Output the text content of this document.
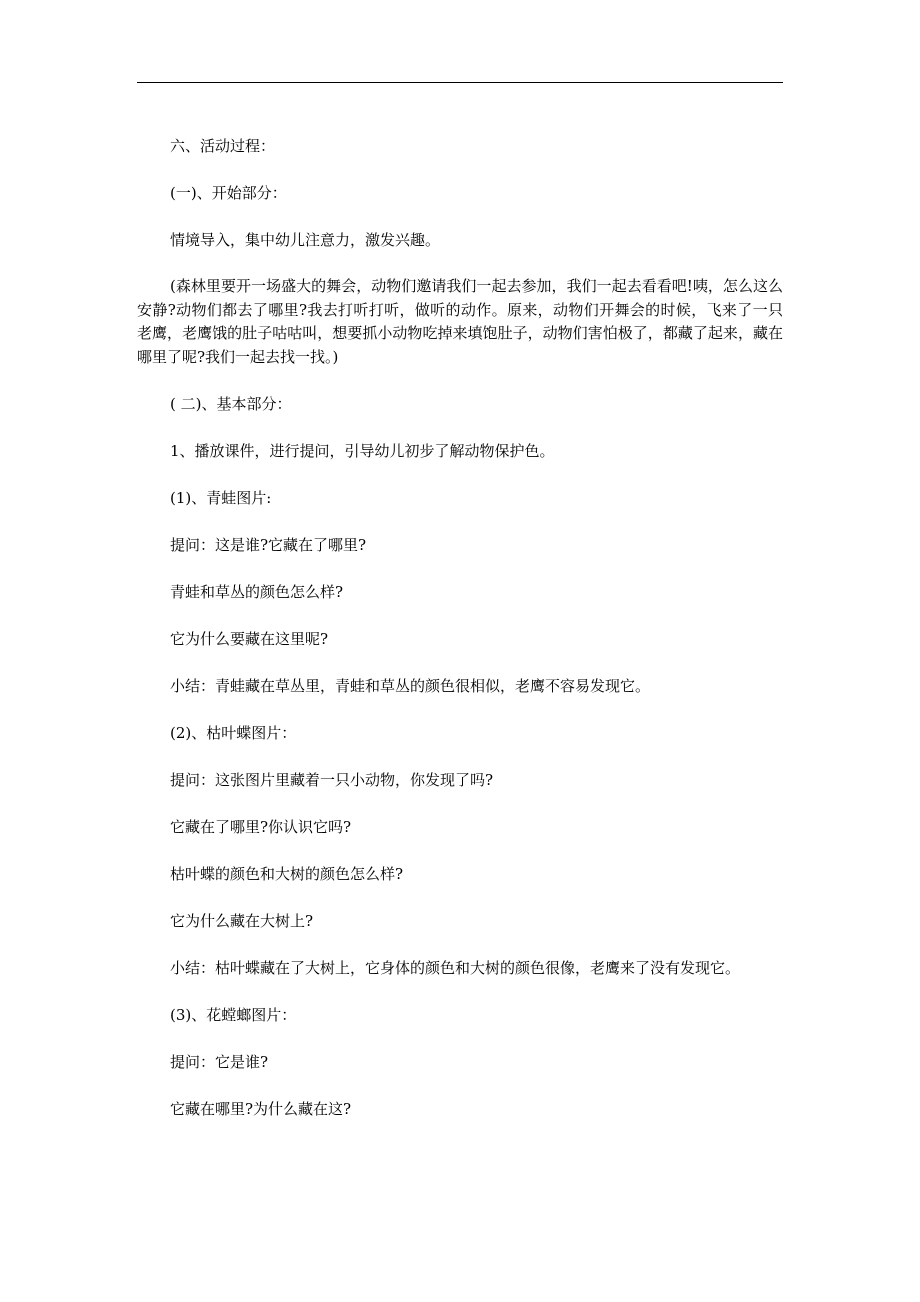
六、活动过程：

(一)、开始部分：

情境导入，集中幼儿注意力，激发兴趣。

(森林里要开一场盛大的舞会，动物们邀请我们一起去参加，我们一起去看看吧!咦，怎么这么安静?动物们都去了哪里?我去打听打听，做听的动作。原来，动物们开舞会的时候，飞来了一只老鹰，老鹰饿的肚子咕咕叫，想要抓小动物吃掉来填饱肚子，动物们害怕极了，都藏了起来，藏在哪里了呢?我们一起去找一找。)

( 二)、基本部分：

1、播放课件，进行提问，引导幼儿初步了解动物保护色。

(1)、青蛙图片:

提问：这是谁?它藏在了哪里?

青蛙和草丛的颜色怎么样?

它为什么要藏在这里呢?

小结：青蛙藏在草丛里，青蛙和草丛的颜色很相似，老鹰不容易发现它。

(2)、枯叶蝶图片：

提问：这张图片里藏着一只小动物，你发现了吗?

它藏在了哪里?你认识它吗?

枯叶蝶的颜色和大树的颜色怎么样?

它为什么藏在大树上?

小结：枯叶蝶藏在了大树上，它身体的颜色和大树的颜色很像，老鹰来了没有发现它。

(3)、花螳螂图片：

提问：它是谁?

它藏在哪里?为什么藏在这?
